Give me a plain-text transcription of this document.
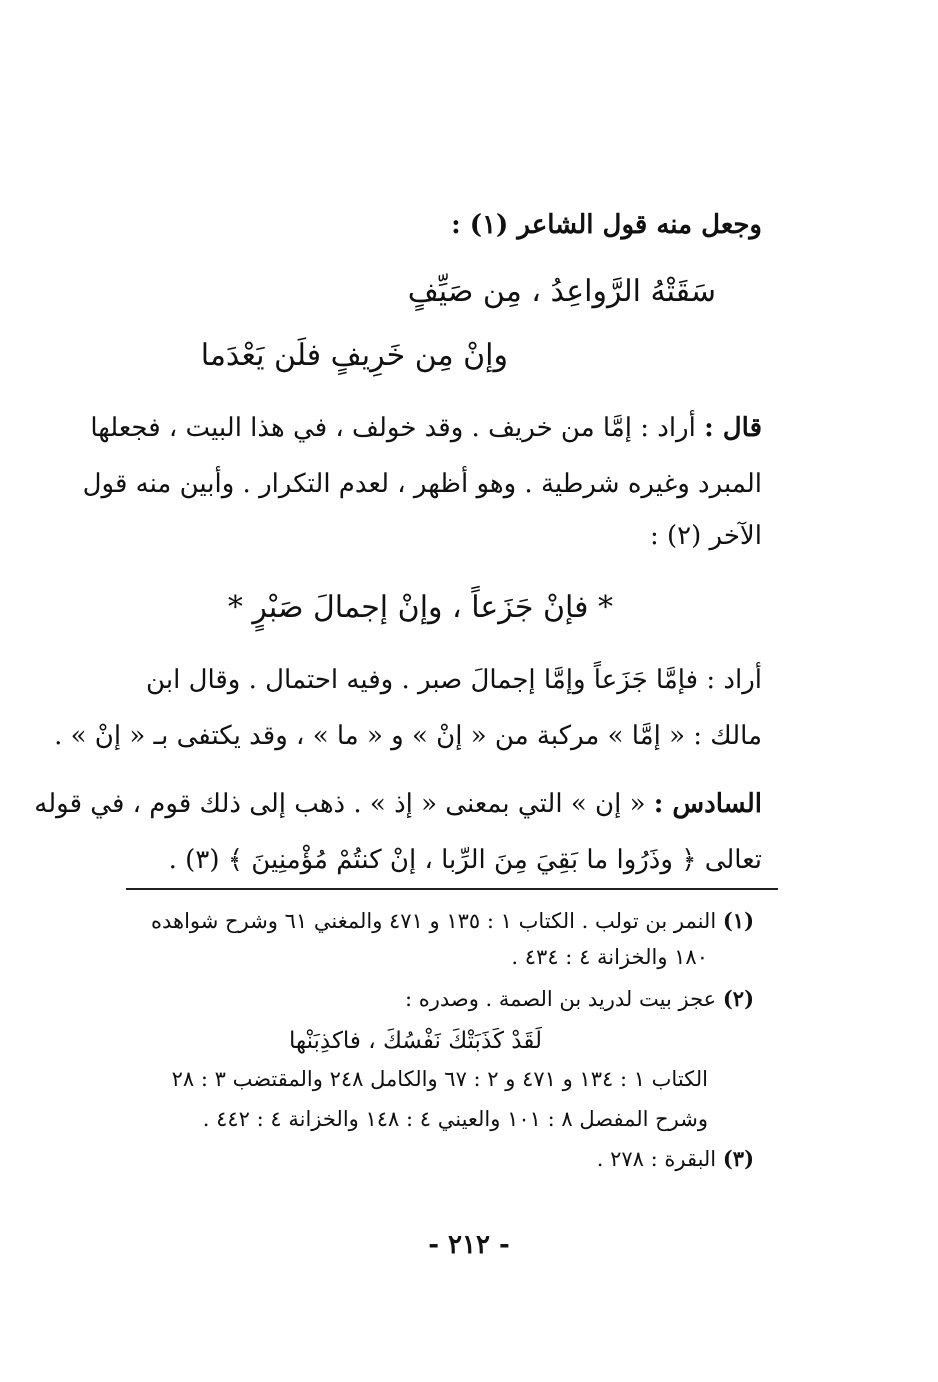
وجعل منه قول الشاعر (١) :
سَقَتْهُ الرَّواعِدُ ، مِن صَيِّفٍ
وإنْ مِن خَرِيفٍ فلَن يَعْدَما
قال : أراد : إمَّا من خريف . وقد خولف ، في هذا البيت ، فجعلها
المبرد وغيره شرطية . وهو أظهر ، لعدم التكرار . وأبين منه قول
الآخر (٢) :
* فإنْ جَزَعاً ، وإنْ إجمالَ صَبْرٍ *
أراد : فإمَّا جَزَعاً وإمَّا إجمالَ صبر . وفيه احتمال . وقال ابن
مالك : « إمَّا » مركبة من « إنْ » و « ما » ، وقد يكتفى بـ « إنْ » .
السادس : « إن » التي بمعنى « إذ » . ذهب إلى ذلك قوم ، في قوله
تعالى ﴿ وذَرُوا ما بَقِيَ مِنَ الرِّبا ، إنْ كنتُمْ مُؤْمنِينَ ﴾ (٣) .
(١) النمر بن تولب . الكتاب ١ : ١٣٥ و ٤٧١ والمغني ٦١ وشرح شواهده
١٨٠ والخزانة ٤ : ٤٣٤ .
(٢) عجز بيت لدريد بن الصمة . وصدره :
لَقَدْ كَذَبَتْكَ نَفْسُكَ ، فاكذِبَنْها
الكتاب ١ : ١٣٤ و ٤٧١ و ٢ : ٦٧ والكامل ٢٤٨ والمقتضب ٣ : ٢٨
وشرح المفصل ٨ : ١٠١ والعيني ٤ : ١٤٨ والخزانة ٤ : ٤٤٢ .
(٣) البقرة : ٢٧٨ .
- ٢١٢ -
